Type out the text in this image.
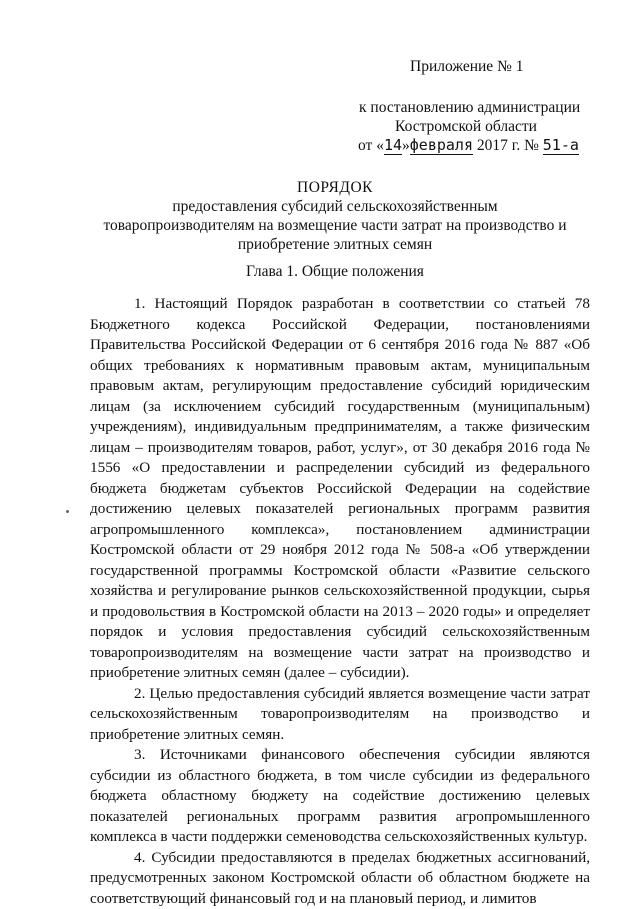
Приложение № 1
к постановлению администрации
Костромской области
от «14»февраля 2017 г. № 51-а
ПОРЯДОК
предоставления субсидий сельскохозяйственным
товаропроизводителям на возмещение части затрат на производство и
приобретение элитных семян
Глава 1. Общие положения

1. Настоящий Порядок разработан в соответствии со статьей 78 Бюджетного кодекса Российской Федерации, постановлениями Правительства Российской Федерации от 6 сентября 2016 года № 887 «Об общих требованиях к нормативным правовым актам, муниципальным правовым актам, регулирующим предоставление субсидий юридическим лицам (за исключением субсидий государственным (муниципальным) учреждениям), индивидуальным предпринимателям, а также физическим лицам – производителям товаров, работ, услуг», от 30 декабря 2016 года № 1556 «О предоставлении и распределении субсидий из федерального бюджета бюджетам субъектов Российской Федерации на содействие достижению целевых показателей региональных программ развития агропромышленного комплекса», постановлением администрации Костромской области от 29 ноября 2012 года № 508-а «Об утверждении государственной программы Костромской области «Развитие сельского хозяйства и регулирование рынков сельскохозяйственной продукции, сырья и продовольствия в Костромской области на 2013 – 2020 годы» и определяет порядок и условия предоставления субсидий сельскохозяйственным товаропроизводителям на возмещение части затрат на производство и приобретение элитных семян (далее – субсидии).

2. Целью предоставления субсидий является возмещение части затрат сельскохозяйственным товаропроизводителям на производство и приобретение элитных семян.

3. Источниками финансового обеспечения субсидии являются субсидии из областного бюджета, в том числе субсидии из федерального бюджета областному бюджету на содействие достижению целевых показателей региональных программ развития агропромышленного комплекса в части поддержки семеноводства сельскохозяйственных культур.

4. Субсидии предоставляются в пределах бюджетных ассигнований, предусмотренных законом Костромской области об областном бюджете на соответствующий финансовый год и на плановый период, и лимитов
